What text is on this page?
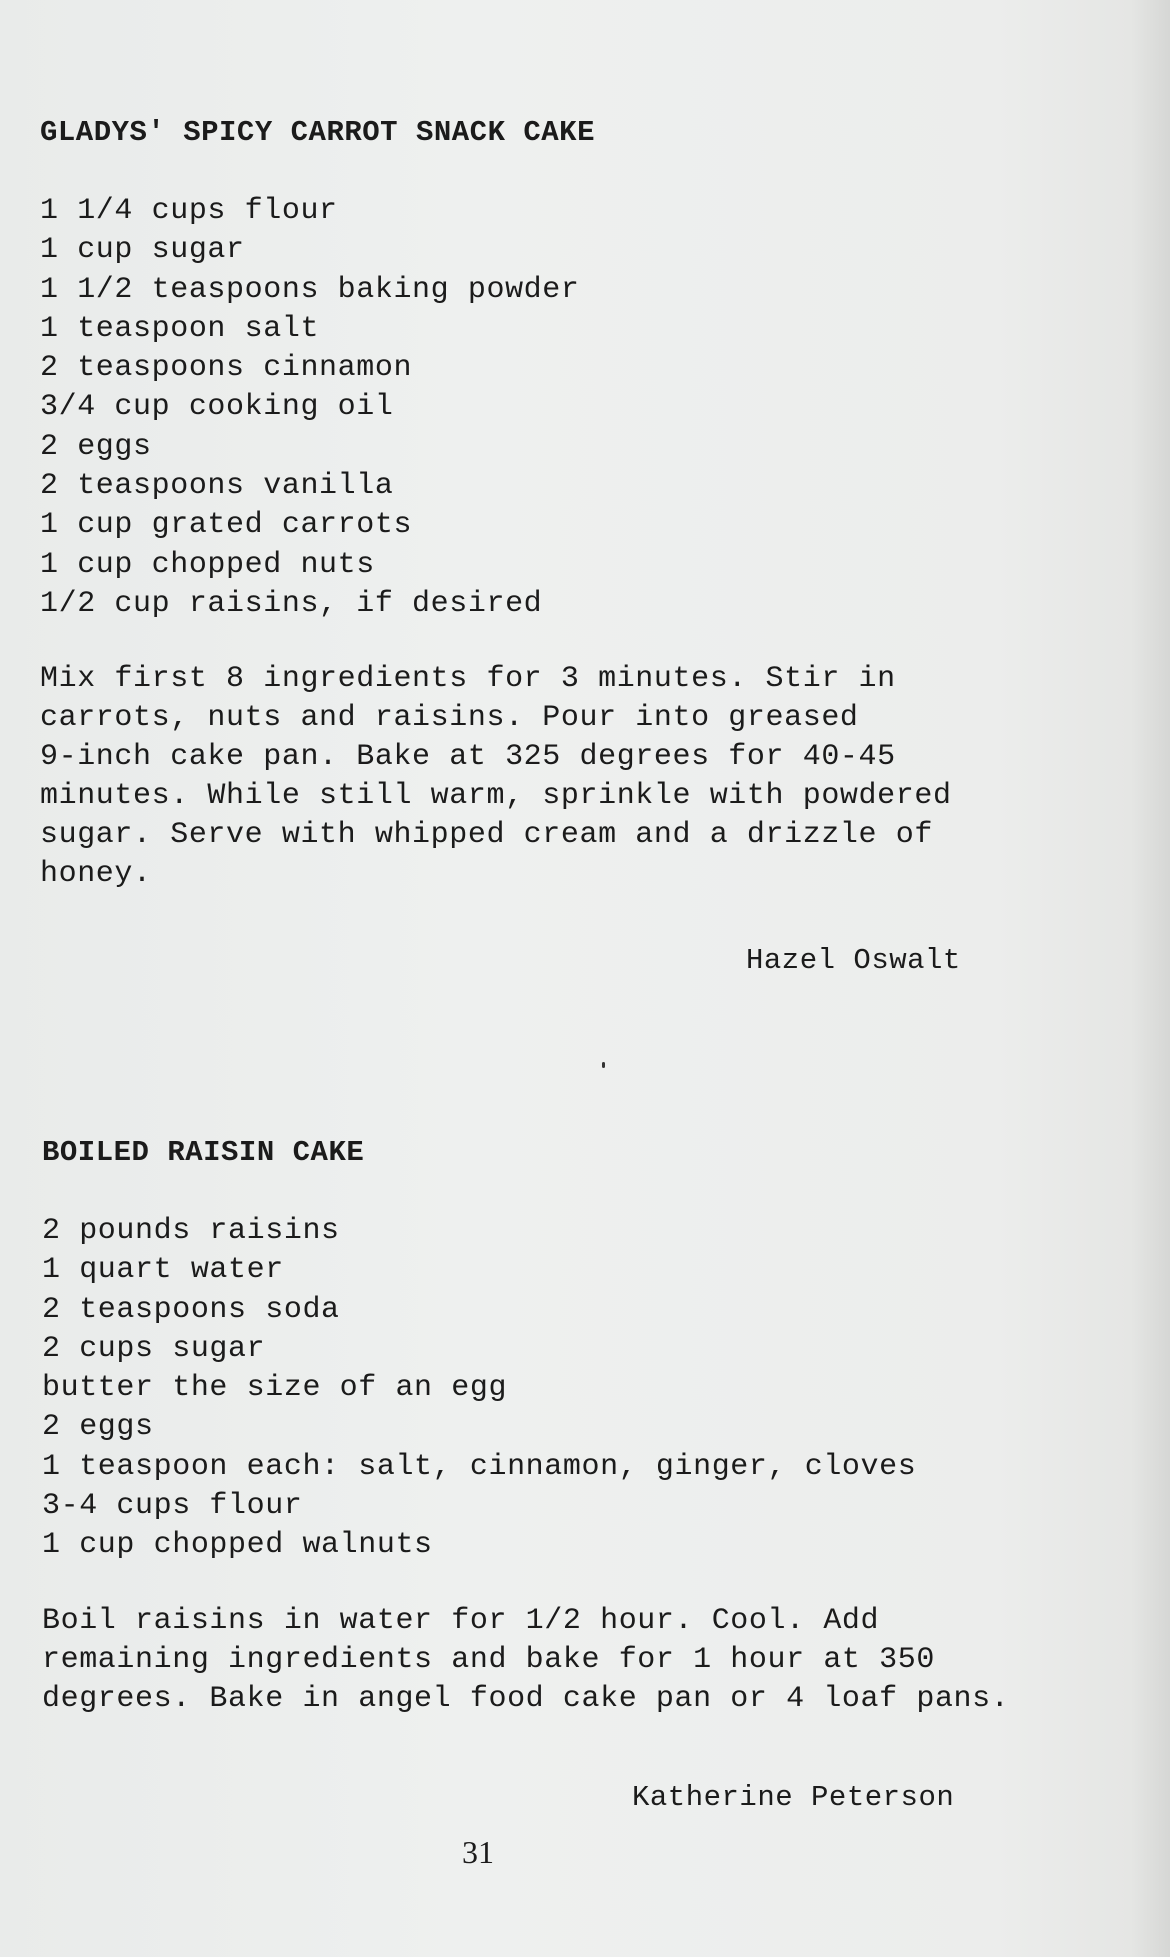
GLADYS' SPICY CARROT SNACK CAKE
1 1/4 cups flour
1 cup sugar
1 1/2 teaspoons baking powder
1 teaspoon salt
2 teaspoons cinnamon
3/4 cup cooking oil
2 eggs
2 teaspoons vanilla
1 cup grated carrots
1 cup chopped nuts
1/2 cup raisins, if desired

Mix first 8 ingredients for 3 minutes. Stir in

carrots, nuts and raisins. Pour into greased

9-inch cake pan. Bake at 325 degrees for 40-45

minutes. While still warm, sprinkle with powdered

sugar. Serve with whipped cream and a drizzle of

honey.

Hazel Oswalt
BOILED RAISIN CAKE
2 pounds raisins
1 quart water
2 teaspoons soda
2 cups sugar
butter the size of an egg
2 eggs
1 teaspoon each: salt, cinnamon, ginger, cloves
3-4 cups flour
1 cup chopped walnuts

Boil raisins in water for 1/2 hour. Cool. Add

remaining ingredients and bake for 1 hour at 350

degrees. Bake in angel food cake pan or 4 loaf pans.

Katherine Peterson
31
